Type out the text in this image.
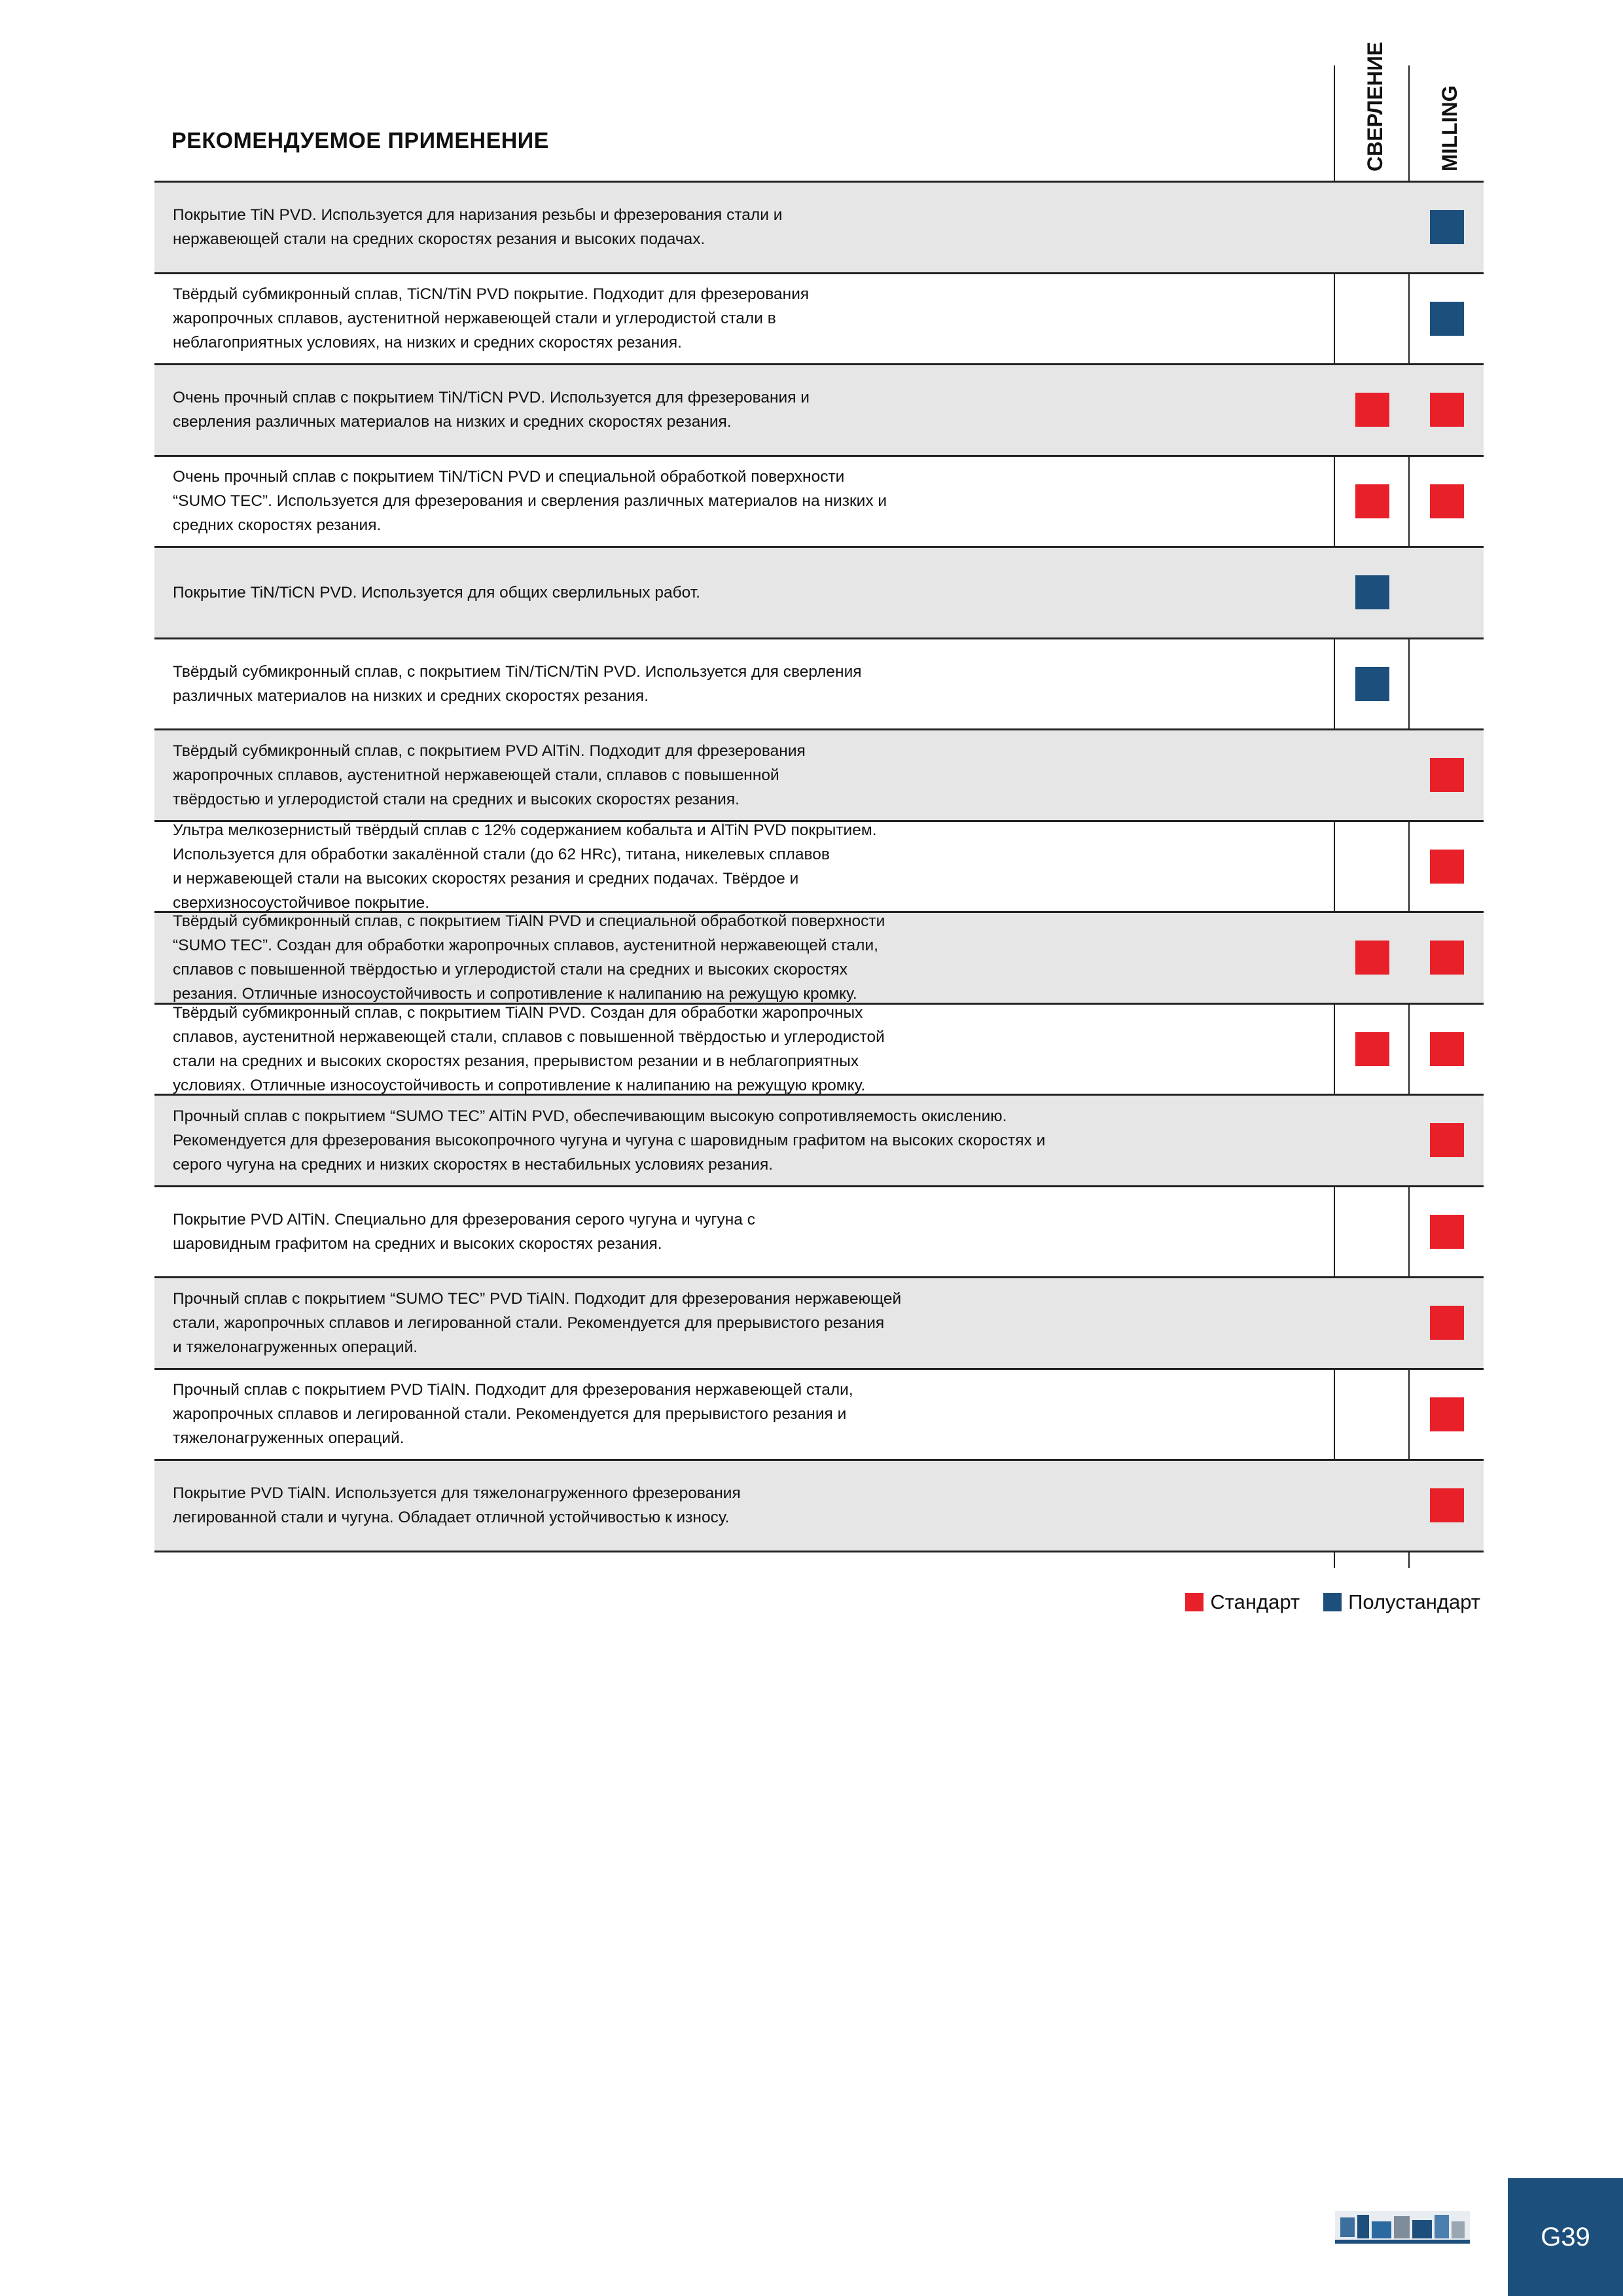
РЕКОМЕНДУЕМОЕ ПРИМЕНЕНИЕ	СВЕРЛЕНИЕ MILLING
Покрытие TiN PVD. Используется для наризания резьбы и фрезерования стали и
нержавеющей стали на средних скоростях резания и высоких подачах.
Твёрдый субмикронный сплав, TiCN/TiN PVD покрытие. Подходит для фрезерования
жаропрочных сплавов, аустенитной нержавеющей стали и углеродистой стали в
неблагоприятных условиях, на низких и средних скоростях резания.
Очень прочный сплав с покрытием TiN/TiCN PVD. Используется для фрезерования и
сверления различных материалов на низких и средних скоростях резания.
Очень прочный сплав с покрытием TiN/TiCN PVD и специальной обработкой поверхности
“SUMO TEC”. Используется для фрезерования и сверления различных материалов на низких и
средних скоростях резания.
Покрытие TiN/TiCN PVD. Используется для общих сверлильных работ.
Твёрдый субмикронный сплав, с покрытием TiN/TiCN/TiN PVD. Используется для сверления
различных материалов на низких и средних скоростях резания.
Твёрдый субмикронный сплав, с покрытием PVD AlTiN. Подходит для фрезерования
жаропрочных сплавов, аустенитной нержавеющей стали, сплавов с повышенной
твёрдостью и углеродистой стали на средних и высоких скоростях резания.
Ультра мелкозернистый твёрдый сплав с 12% содержанием кобальта и AlTiN PVD покрытием.
Используется для обработки закалённой стали (до 62 HRc), титана, никелевых сплавов
и нержавеющей стали на высоких скоростях резания и средних подачах. Твёрдое и
сверхизносоустойчивое покрытие.
Твёрдый субмикронный сплав, с покрытием TiAlN PVD и специальной обработкой поверхности
“SUMO TEC”. Создан для обработки жаропрочных сплавов, аустенитной нержавеющей стали,
сплавов с повышенной твёрдостью и углеродистой стали на средних и высоких скоростях
резания. Отличные износоустойчивость и сопротивление к налипанию на режущую кромку.
Твёрдый субмикронный сплав, с покрытием TiAlN PVD. Создан для обработки жаропрочных
сплавов, аустенитной нержавеющей стали, сплавов с повышенной твёрдостью и углеродистой
стали на средних и высоких скоростях резания, прерывистом резании и в неблагоприятных
условиях. Отличные износоустойчивость и сопротивление к налипанию на режущую кромку.
Прочный сплав с покрытием “SUMO TEC” AlTiN PVD, обеспечивающим высокую сопротивляемость окислению.
Рекомендуется для фрезерования высокопрочного чугуна и чугуна с шаровидным графитом на высоких скоростях и
серого чугуна на средних и низких скоростях в нестабильных условиях резания.
Покрытие PVD AlTiN. Специально для фрезерования серого чугуна и чугуна с
шаровидным графитом на средних и высоких скоростях резания.
Прочный сплав с покрытием “SUMO TEC” PVD TiAlN. Подходит для фрезерования нержавеющей
стали, жаропрочных сплавов и легированной стали. Рекомендуется для прерывистого резания
и тяжелонагруженных операций.
Прочный сплав с покрытием PVD TiAlN. Подходит для фрезерования нержавеющей стали,
жаропрочных сплавов и легированной стали. Рекомендуется для прерывистого резания и
тяжелонагруженных операций.
Покрытие PVD TiAlN. Используется для тяжелонагруженного фрезерования
легированной стали и чугуна. Обладает отличной устойчивостью к износу.
Стандарт Полустандарт
G39
